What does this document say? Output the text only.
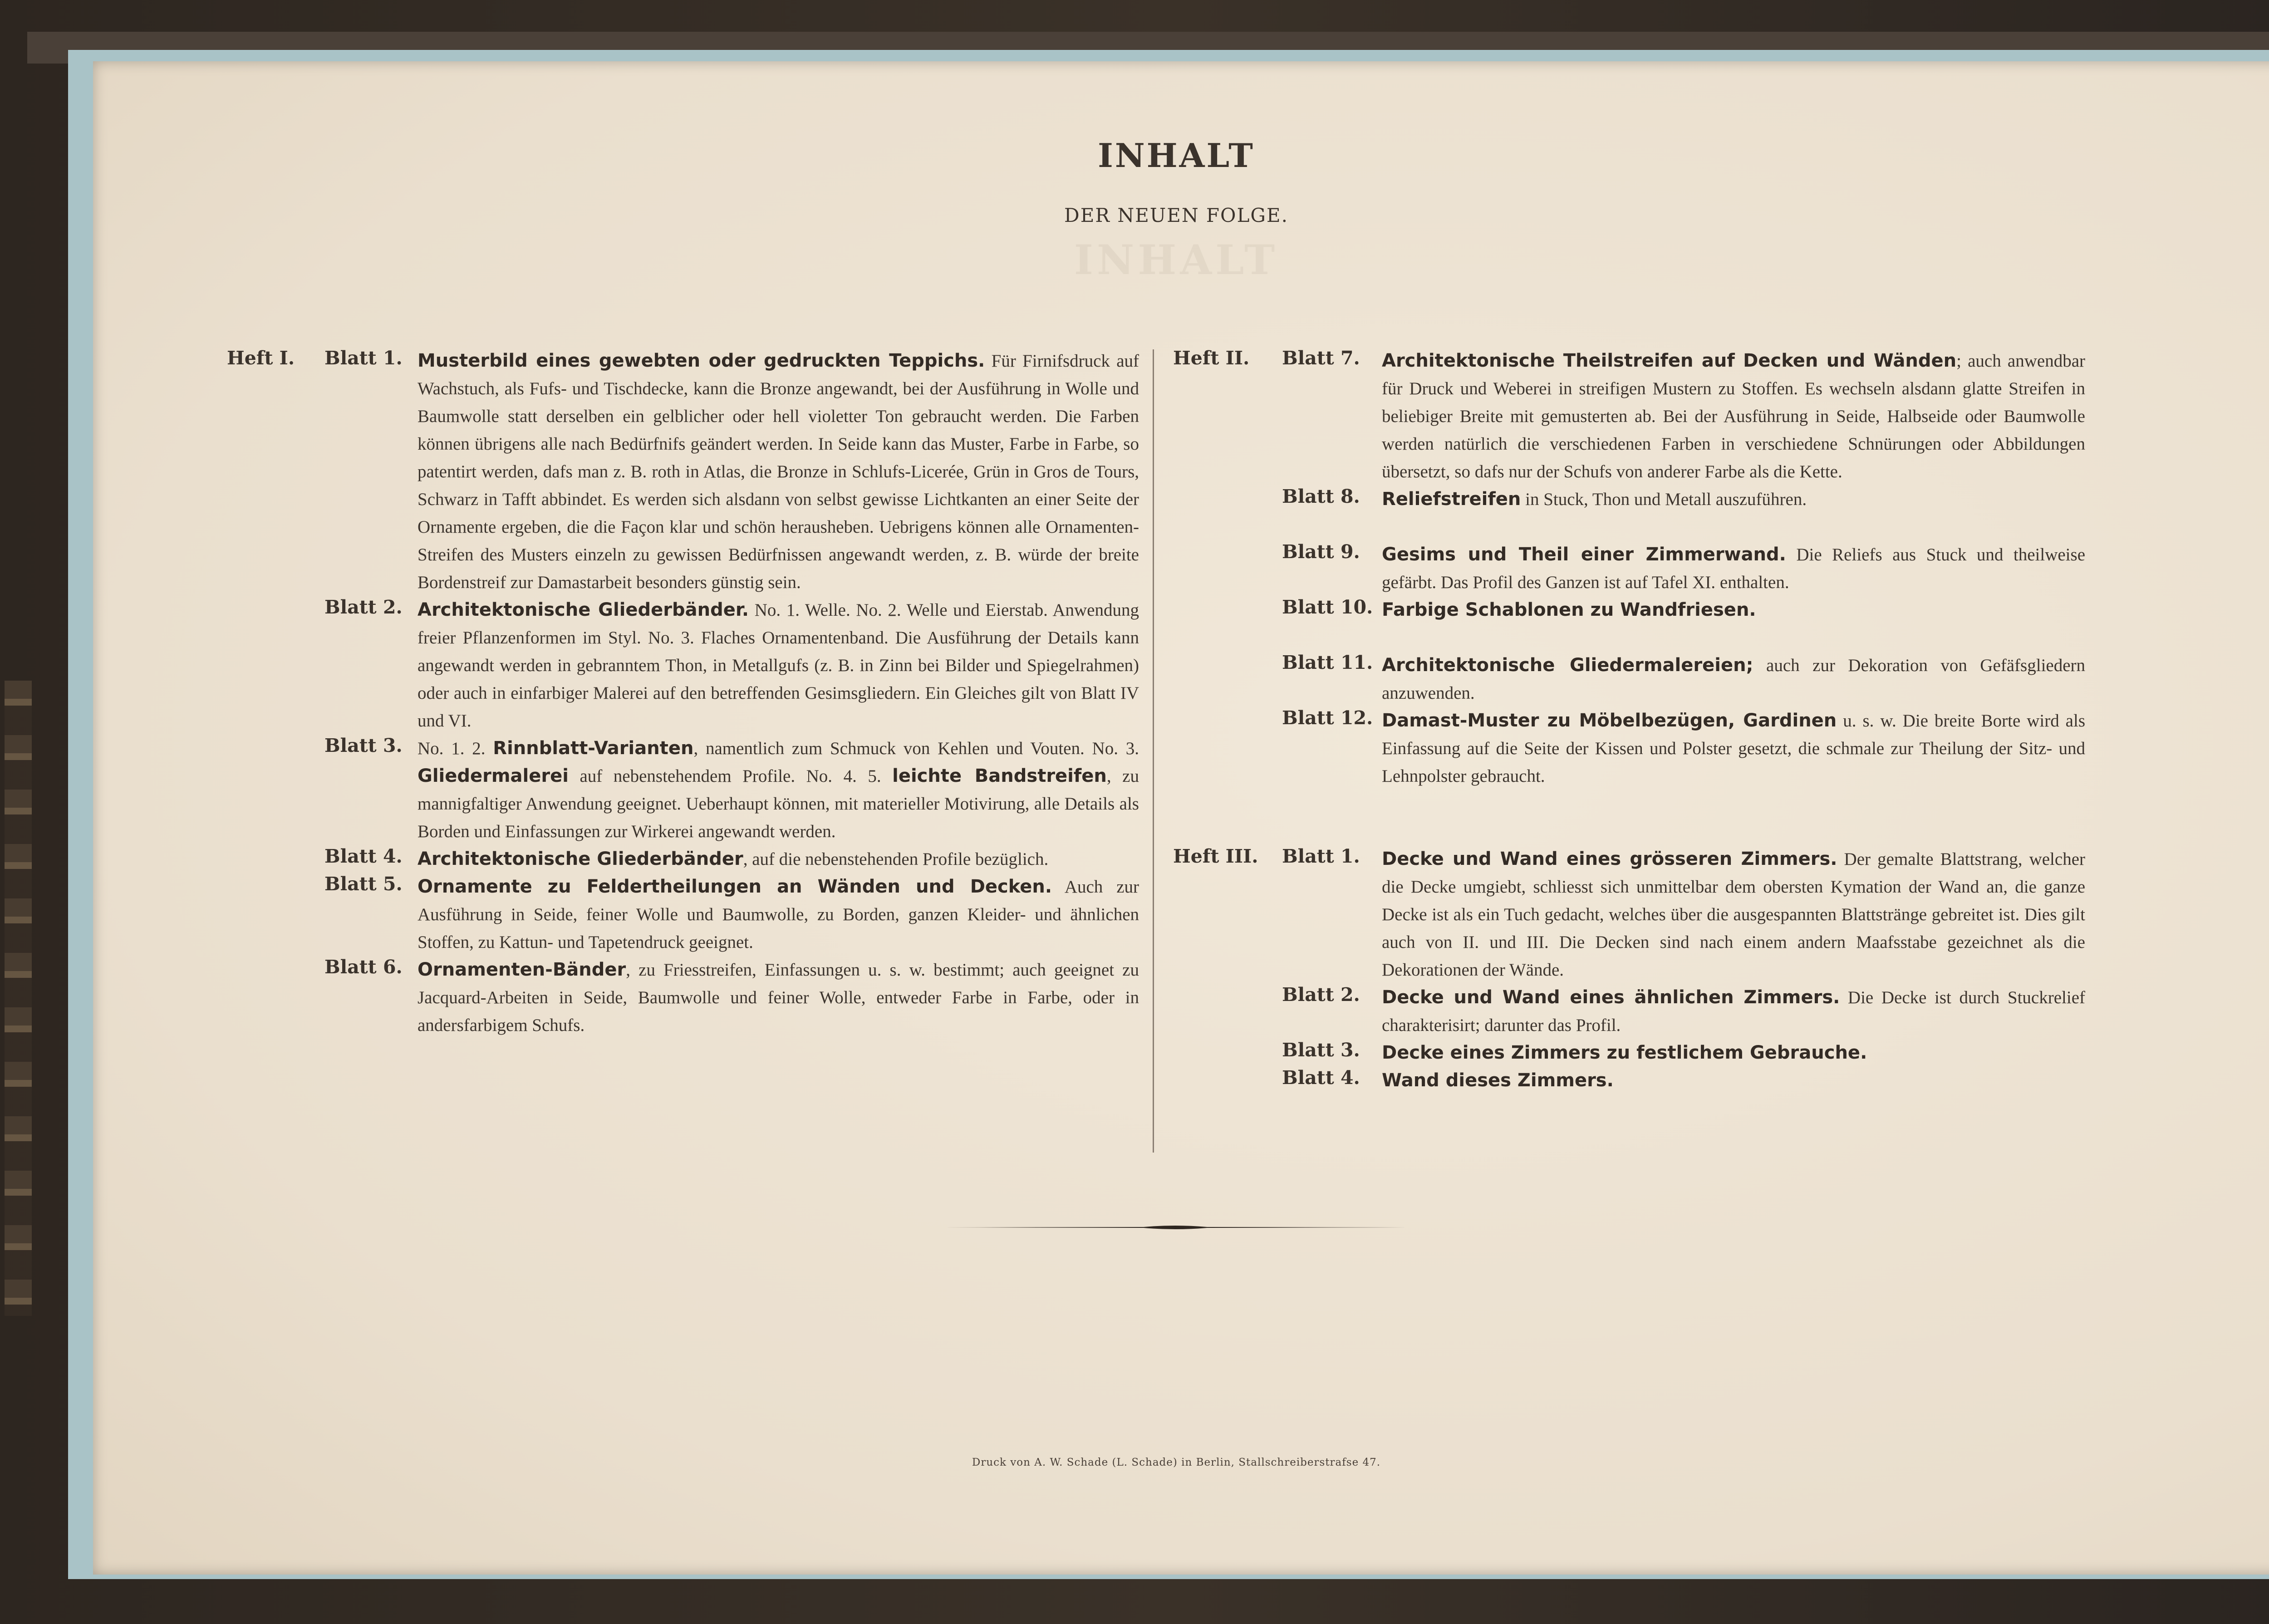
INHALT
INHALT
DER NEUEN FOLGE.
Heft I.	Blatt 1. Musterbild eines gewebten oder gedruckten Teppichs. Für Firnifsdruck auf Wachstuch, als Fufs- und Tischdecke, kann die Bronze angewandt, bei der Ausführung in Wolle und Baumwolle statt derselben ein gelblicher oder hell violetter Ton gebraucht werden. Die Farben können übrigens alle nach Bedürfnifs geändert werden. In Seide kann das Muster, Farbe in Farbe, so patentirt werden, dafs man z. B. roth in Atlas, die Bronze in Schlufs-Licerée, Grün in Gros de Tours, Schwarz in Tafft abbindet. Es werden sich alsdann von selbst gewisse Lichtkanten an einer Seite der Ornamente ergeben, die die Façon klar und schön herausheben. Uebrigens können alle Ornamenten-Streifen des Musters einzeln zu gewissen Bedürfnissen angewandt werden, z. B. würde der breite Bordenstreif zur Damastarbeit besonders günstig sein.
Blatt 2. Architektonische Gliederbänder. No. 1. Welle. No. 2. Welle und Eierstab. Anwendung freier Pflanzenformen im Styl. No. 3. Flaches Ornamentenband. Die Ausführung der Details kann angewandt werden in gebranntem Thon, in Metallgufs (z. B. in Zinn bei Bilder und Spiegelrahmen) oder auch in einfarbiger Malerei auf den betreffenden Gesimsgliedern. Ein Gleiches gilt von Blatt IV und VI.
Blatt 3. No. 1. 2. Rinnblatt-Varianten, namentlich zum Schmuck von Kehlen und Vouten. No. 3. Gliedermalerei auf nebenstehendem Profile. No. 4. 5. leichte Bandstreifen, zu mannigfaltiger Anwendung geeignet. Ueberhaupt können, mit materieller Motivirung, alle Details als Borden und Einfassungen zur Wirkerei angewandt werden.
Blatt 4. Architektonische Gliederbänder, auf die nebenstehenden Profile bezüglich.
Blatt 5. Ornamente zu Feldertheilungen an Wänden und Decken. Auch zur Ausführung in Seide, feiner Wolle und Baumwolle, zu Borden, ganzen Kleider- und ähnlichen Stoffen, zu Kattun- und Tapetendruck geeignet.
Blatt 6. Ornamenten-Bänder, zu Friesstreifen, Einfassungen u. s. w. bestimmt; auch geeignet zu Jacquard-Arbeiten in Seide, Baumwolle und feiner Wolle, entweder Farbe in Farbe, oder in andersfarbigem Schufs.
Heft II.	Blatt 7. Architektonische Theilstreifen auf Decken und Wänden; auch anwendbar für Druck und Weberei in streifigen Mustern zu Stoffen. Es wechseln alsdann glatte Streifen in beliebiger Breite mit gemusterten ab. Bei der Ausführung in Seide, Halbseide oder Baumwolle werden natürlich die verschiedenen Farben in verschiedene Schnürungen oder Abbildungen übersetzt, so dafs nur der Schufs von anderer Farbe als die Kette.
Blatt 8. Reliefstreifen in Stuck, Thon und Metall auszuführen.
Blatt 9. Gesims und Theil einer Zimmerwand. Die Reliefs aus Stuck und theilweise gefärbt. Das Profil des Ganzen ist auf Tafel XI. enthalten.
Blatt 10. Farbige Schablonen zu Wandfriesen.
Blatt 11. Architektonische Gliedermalereien; auch zur Dekoration von Gefäfsgliedern anzuwenden.
Blatt 12. Damast-Muster zu Möbelbezügen, Gardinen u. s. w. Die breite Borte wird als Einfassung auf die Seite der Kissen und Polster gesetzt, die schmale zur Theilung der Sitz- und Lehnpolster gebraucht.
Heft III.	Blatt 1. Decke und Wand eines grösseren Zimmers. Der gemalte Blattstrang, welcher die Decke umgiebt, schliesst sich unmittelbar dem obersten Kymation der Wand an, die ganze Decke ist als ein Tuch gedacht, welches über die ausgespannten Blattstränge gebreitet ist. Dies gilt auch von II. und III. Die Decken sind nach einem andern Maafsstabe gezeichnet als die Dekorationen der Wände.
Blatt 2. Decke und Wand eines ähnlichen Zimmers. Die Decke ist durch Stuckrelief charakterisirt; darunter das Profil.
Blatt 3. Decke eines Zimmers zu festlichem Gebrauche.
Blatt 4. Wand dieses Zimmers.
Druck von A. W. Schade (L. Schade) in Berlin, Stallschreiberstrafse 47.
